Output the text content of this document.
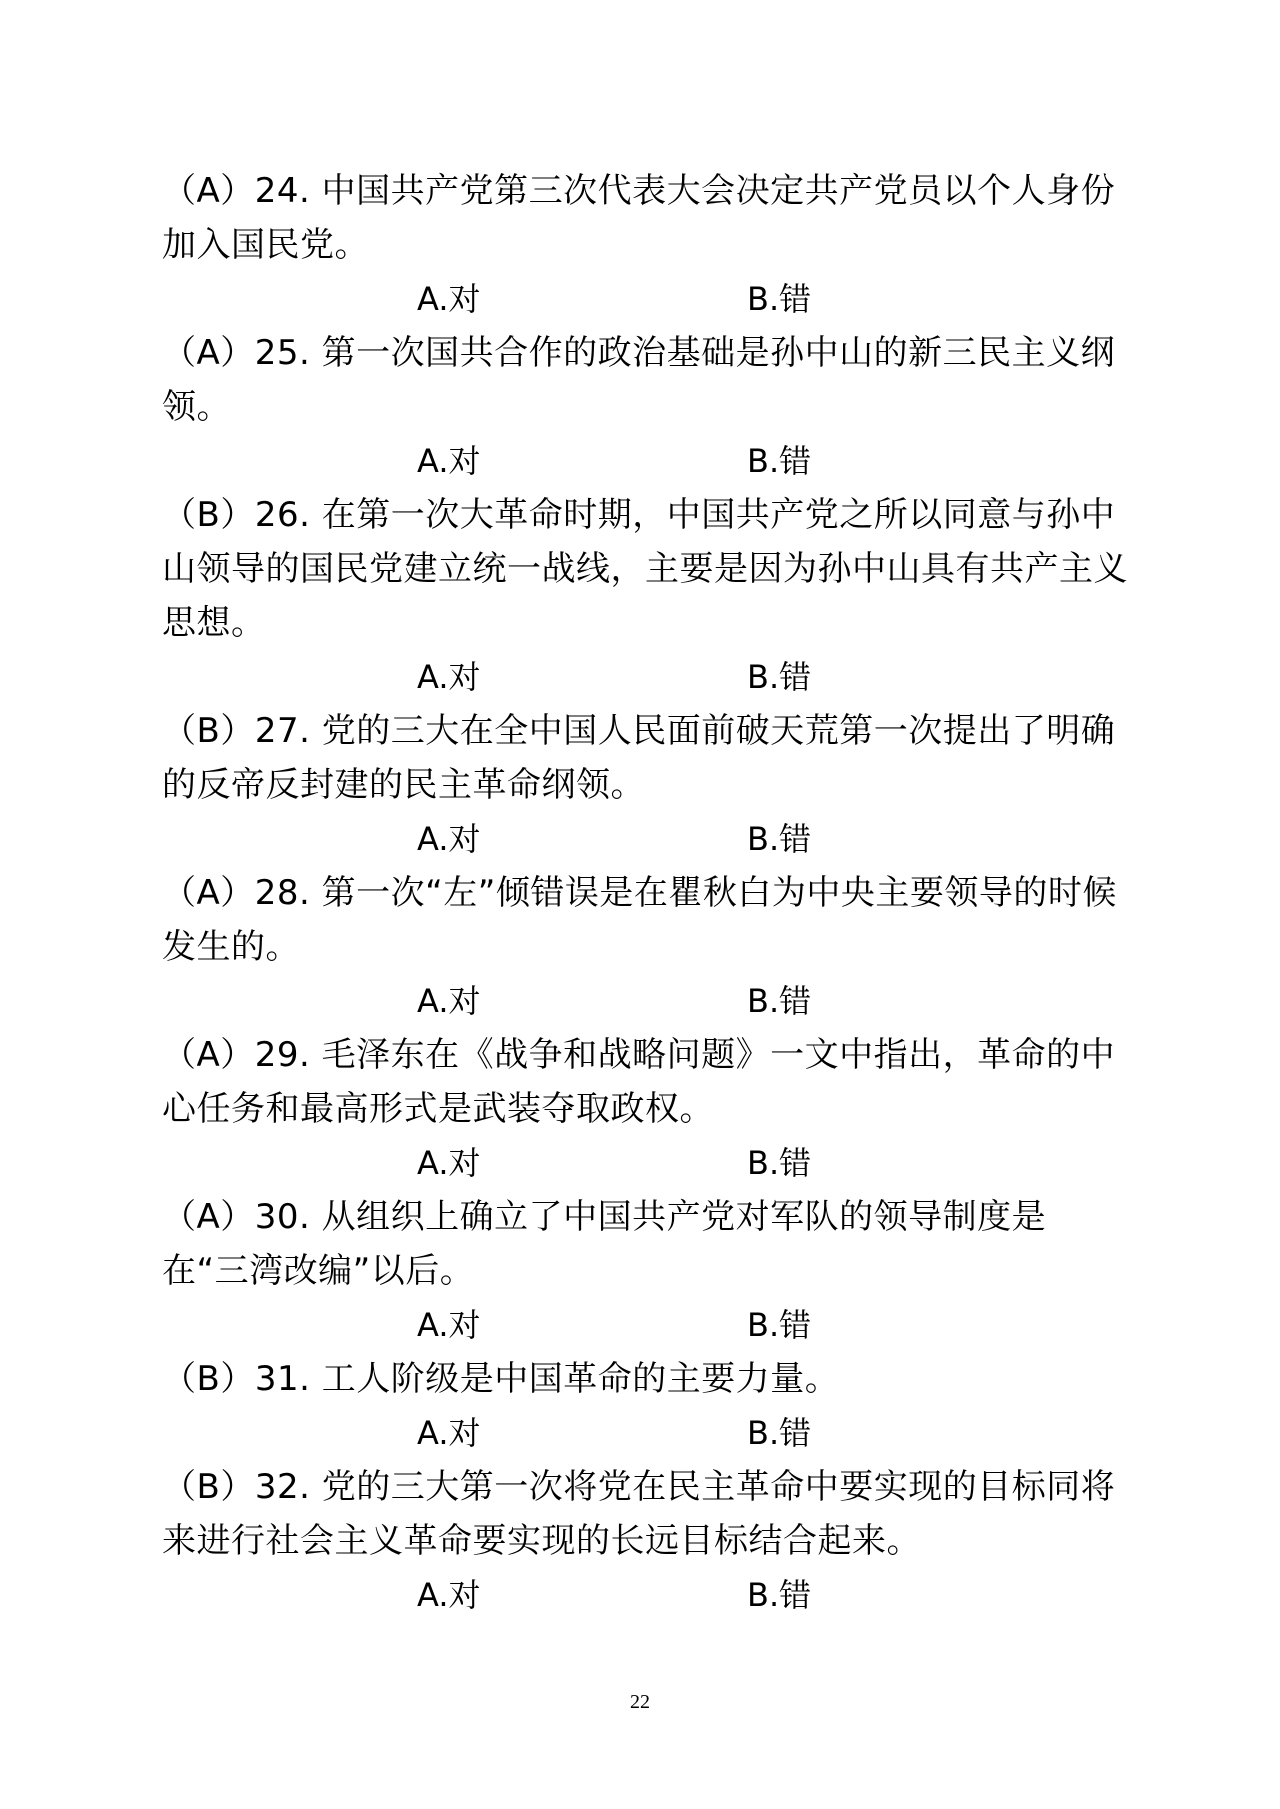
（A）24. 中国共产党第三次代表大会决定共产党员以个人身份加入国民党。

A.对	B.错

（A）25. 第一次国共合作的政治基础是孙中山的新三民主义纲领。

A.对	B.错

（B）26. 在第一次大革命时期，中国共产党之所以同意与孙中山领导的国民党建立统一战线，主要是因为孙中山具有共产主义思想。

A.对	B.错

（B）27. 党的三大在全中国人民面前破天荒第一次提出了明确的反帝反封建的民主革命纲领。

A.对	B.错

（A）28. 第一次“左”倾错误是在瞿秋白为中央主要领导的时候发生的。

A.对	B.错

（A）29. 毛泽东在《战争和战略问题》一文中指出，革命的中心任务和最高形式是武装夺取政权。

A.对	B.错

（A）30. 从组织上确立了中国共产党对军队的领导制度是在“三湾改编”以后。

A.对	B.错

（B）31. 工人阶级是中国革命的主要力量。

A.对	B.错

（B）32. 党的三大第一次将党在民主革命中要实现的目标同将来进行社会主义革命要实现的长远目标结合起来。

A.对	B.错
22
